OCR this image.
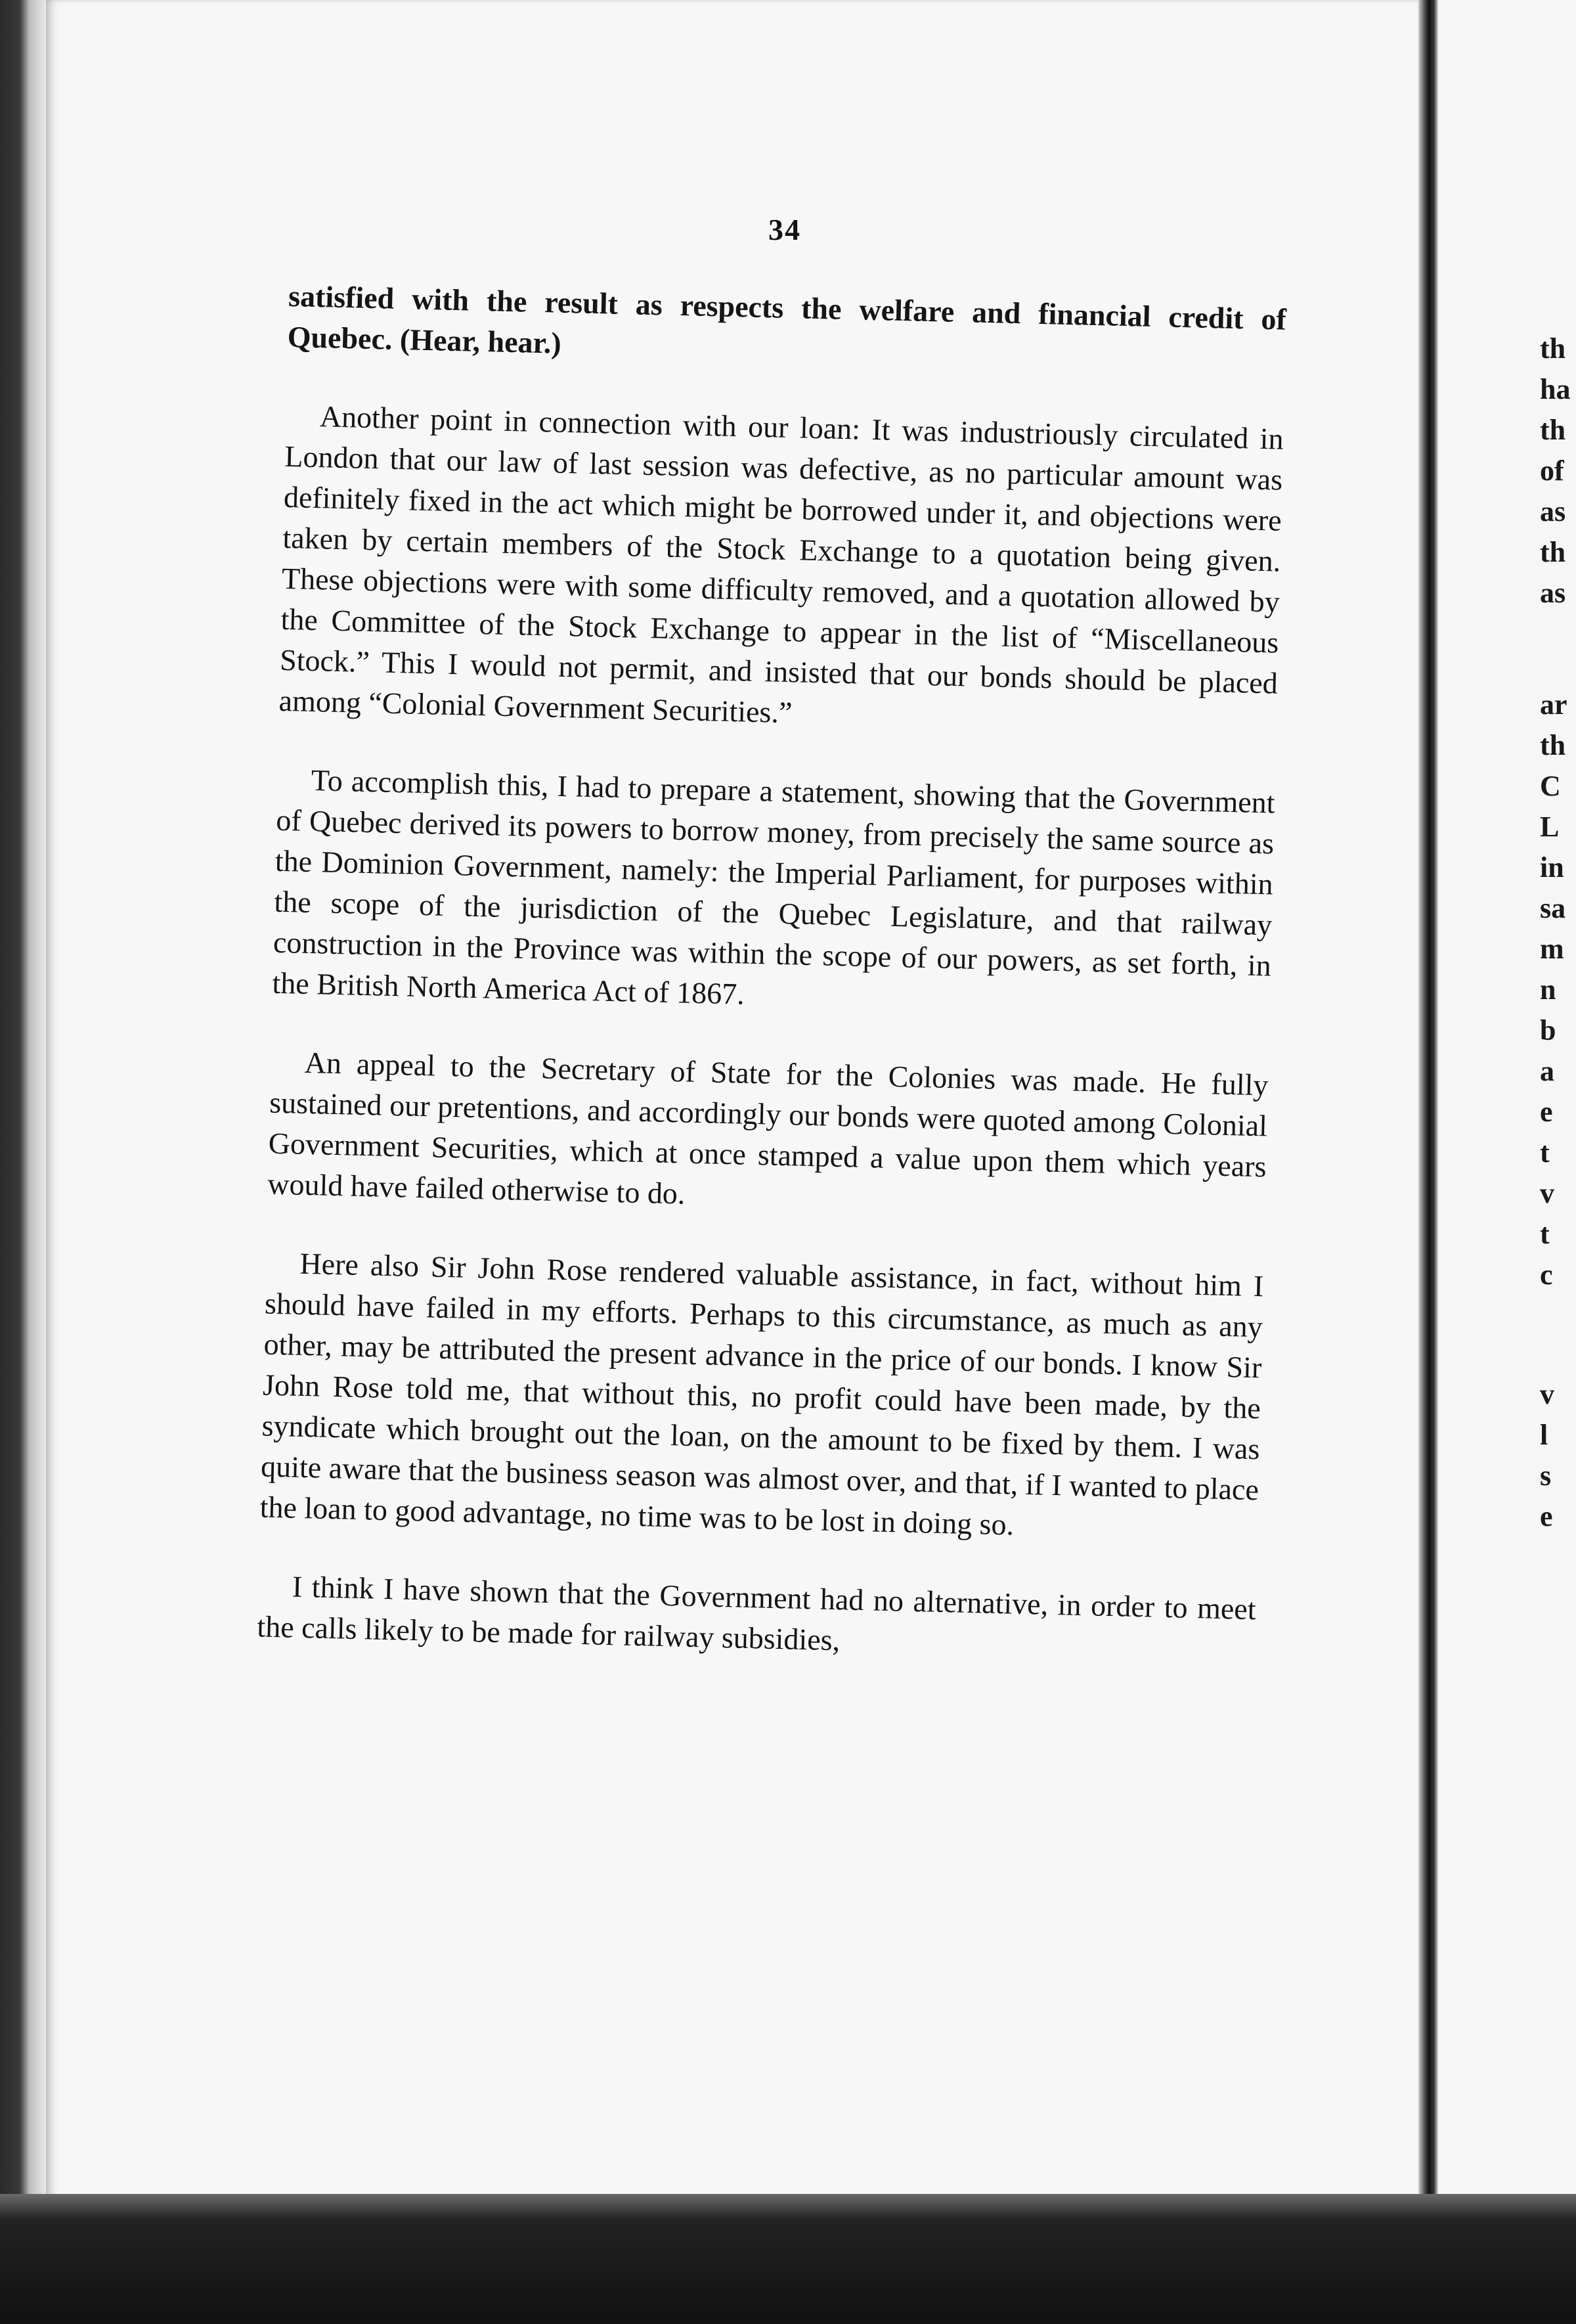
34

satisfied with the result as respects the welfare and financial credit of Quebec. (Hear, hear.)

Another point in connection with our loan: It was industriously circulated in London that our law of last session was defective, as no particular amount was definitely fixed in the act which might be borrowed under it, and objections were taken by certain members of the Stock Exchange to a quotation being given. These objections were with some difficulty removed, and a quotation allowed by the Committee of the Stock Exchange to appear in the list of “Miscellaneous Stock.” This I would not permit, and insisted that our bonds should be placed among “Colonial Government Securities.”

To accomplish this, I had to prepare a statement, showing that the Government of Quebec derived its powers to borrow money, from precisely the same source as the Dominion Government, namely: the Imperial Parliament, for purposes within the scope of the jurisdiction of the Quebec Legislature, and that railway construction in the Province was within the scope of our powers, as set forth, in the British North America Act of 1867.

An appeal to the Secretary of State for the Colonies was made. He fully sustained our pretentions, and accordingly our bonds were quoted among Colonial Government Securities, which at once stamped a value upon them which years would have failed otherwise to do.

Here also Sir John Rose rendered valuable assistance, in fact, without him I should have failed in my efforts. Perhaps to this circumstance, as much as any other, may be attributed the present advance in the price of our bonds. I know Sir John Rose told me, that without this, no profit could have been made, by the syndicate which brought out the loan, on the amount to be fixed by them. I was quite aware that the business season was almost over, and that, if I wanted to place the loan to good advantage, no time was to be lost in doing so.

I think I have shown that the Government had no alternative, in order to meet the calls likely to be made for railway subsidies,

th
ha
th
of
as
th
as
ar
th
C
L
in
sa
m
n
b
a
e
t
v
t
c
v
l
s
e
